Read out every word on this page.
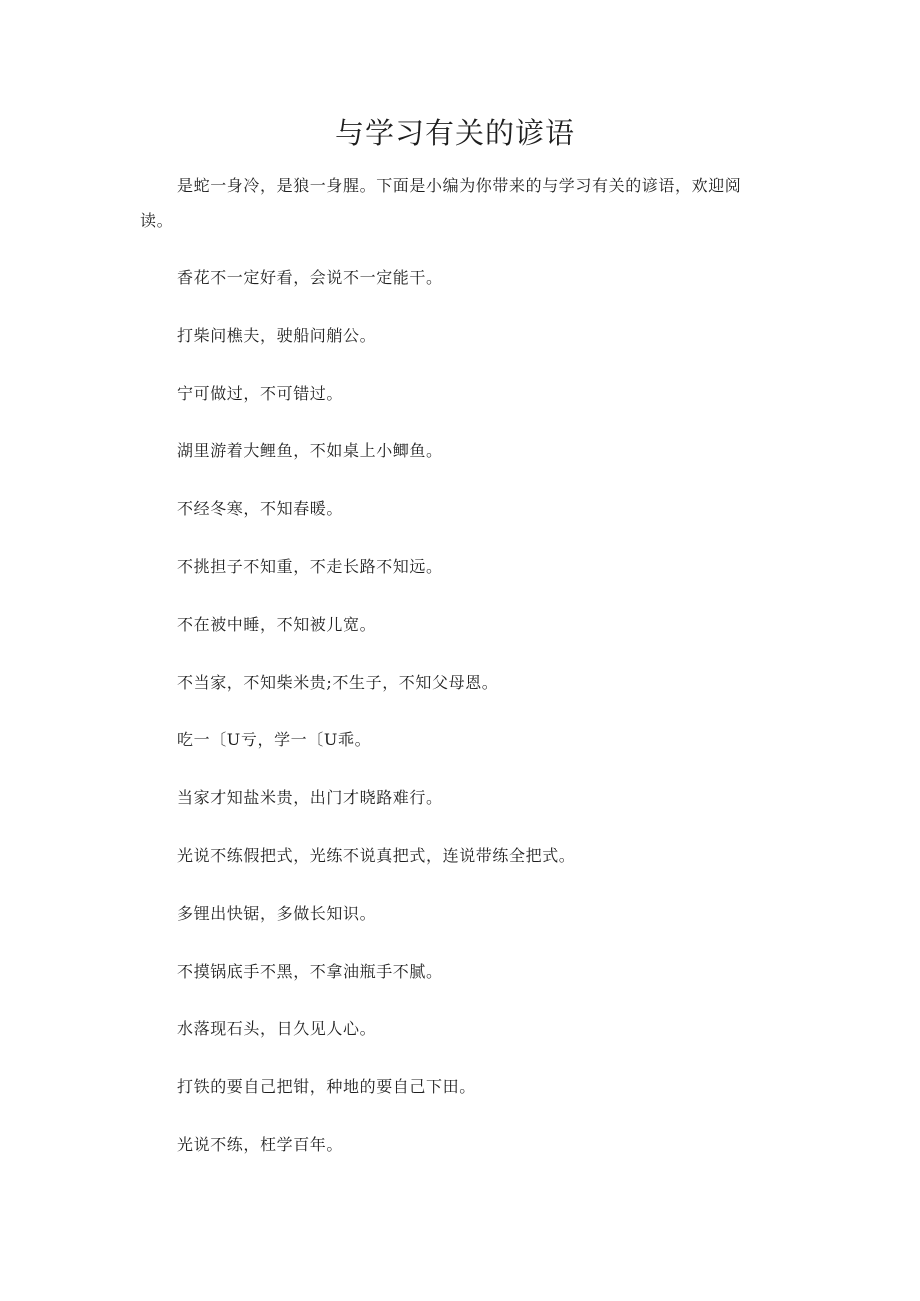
与学习有关的谚语

是蛇一身冷，是狼一身腥。下面是小编为你带来的与学习有关的谚语，欢迎阅
读。

香花不一定好看，会说不一定能干。

打柴问樵夫，驶船问艄公。

宁可做过，不可错过。

湖里游着大鲤鱼，不如桌上小鲫鱼。

不经冬寒，不知春暖。

不挑担子不知重，不走长路不知远。

不在被中睡，不知被儿宽。

不当家，不知柴米贵;不生子，不知父母恩。

吃一〔U亏，学一〔U乖。

当家才知盐米贵，出门才晓路难行。

光说不练假把式，光练不说真把式，连说带练全把式。

多锂出快锯，多做长知识。

不摸锅底手不黑，不拿油瓶手不腻。

水落现石头，日久见人心。

打铁的要自己把钳，种地的要自己下田。

光说不练，枉学百年。
